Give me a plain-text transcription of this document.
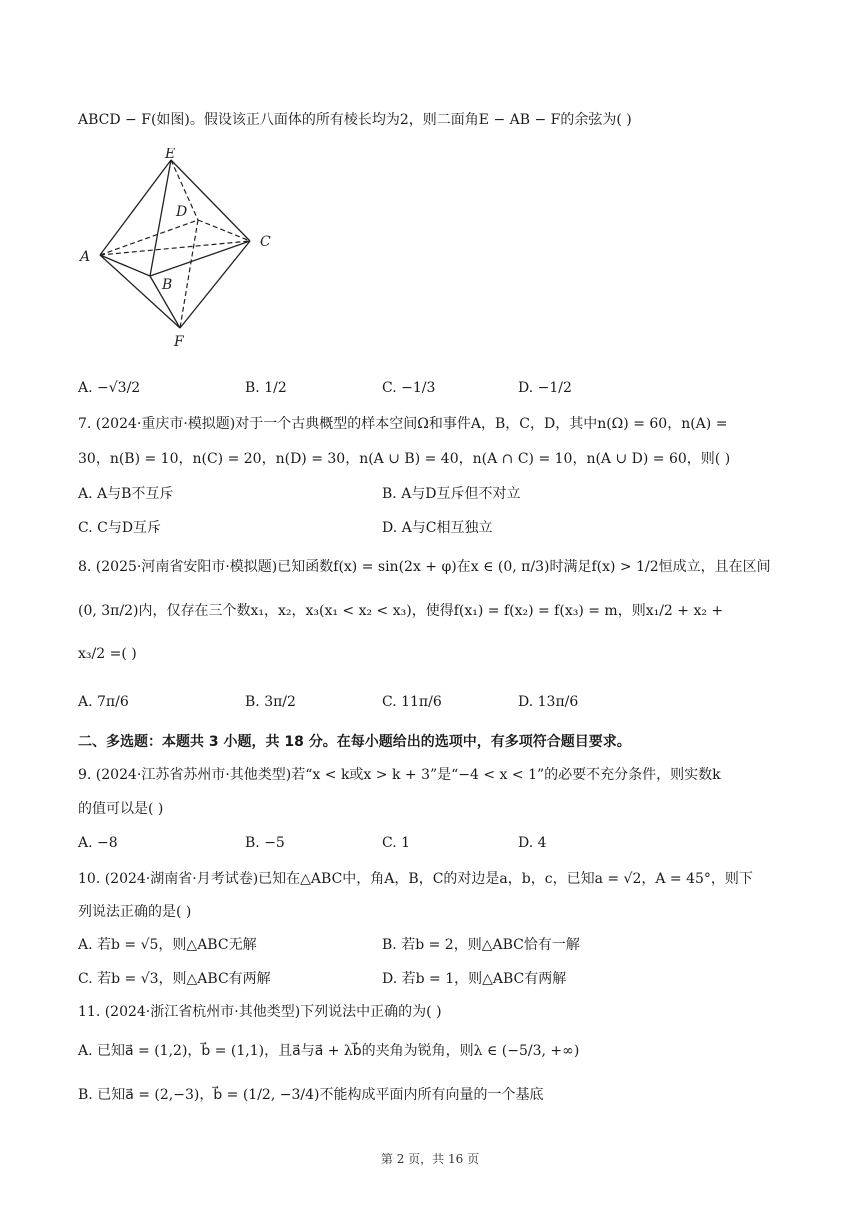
ABCD − F(如图)。假设该正八面体的所有棱长均为2，则二面角E − AB − F的余弦为( )
E
D
C
A
B
F
A. −√3/2	B. 1/2	C. −1/3	D. −1/2
7. (2024·重庆市·模拟题)对于一个古典概型的样本空间Ω和事件A，B，C，D，其中n(Ω) = 60，n(A) =
30，n(B) = 10，n(C) = 20，n(D) = 30，n(A ∪ B) = 40，n(A ∩ C) = 10，n(A ∪ D) = 60，则( )
A. A与B不互斥	B. A与D互斥但不对立
C. C与D互斥	D. A与C相互独立
8. (2025·河南省安阳市·模拟题)已知函数f(x) = sin(2x + φ)在x ∈ (0, π/3)时满足f(x) > 1/2恒成立，且在区间
(0, 3π/2)内，仅存在三个数x₁，x₂，x₃(x₁ < x₂ < x₃)，使得f(x₁) = f(x₂) = f(x₃) = m，则x₁/2 + x₂ +
x₃/2 =( )
A. 7π/6	B. 3π/2	C. 11π/6	D. 13π/6
二、多选题：本题共 3 小题，共 18 分。在每小题给出的选项中，有多项符合题目要求。
9. (2024·江苏省苏州市·其他类型)若“x < k或x > k + 3”是“−4 < x < 1”的必要不充分条件，则实数k
的值可以是( )
A. −8	B. −5	C. 1	D. 4
10. (2024·湖南省·月考试卷)已知在△ABC中，角A，B，C的对边是a，b，c，已知a = √2，A = 45°，则下
列说法正确的是( )
A. 若b = √5，则△ABC无解	B. 若b = 2，则△ABC恰有一解
C. 若b = √3，则△ABC有两解	D. 若b = 1，则△ABC有两解
11. (2024·浙江省杭州市·其他类型)下列说法中正确的为( )
A. 已知a⃗ = (1,2)，b⃗ = (1,1)，且a⃗与a⃗ + λb⃗的夹角为锐角，则λ ∈ (−5/3, +∞)
B. 已知a⃗ = (2,−3)，b⃗ = (1/2, −3/4)不能构成平面内所有向量的一个基底
第 2 页，共 16 页
